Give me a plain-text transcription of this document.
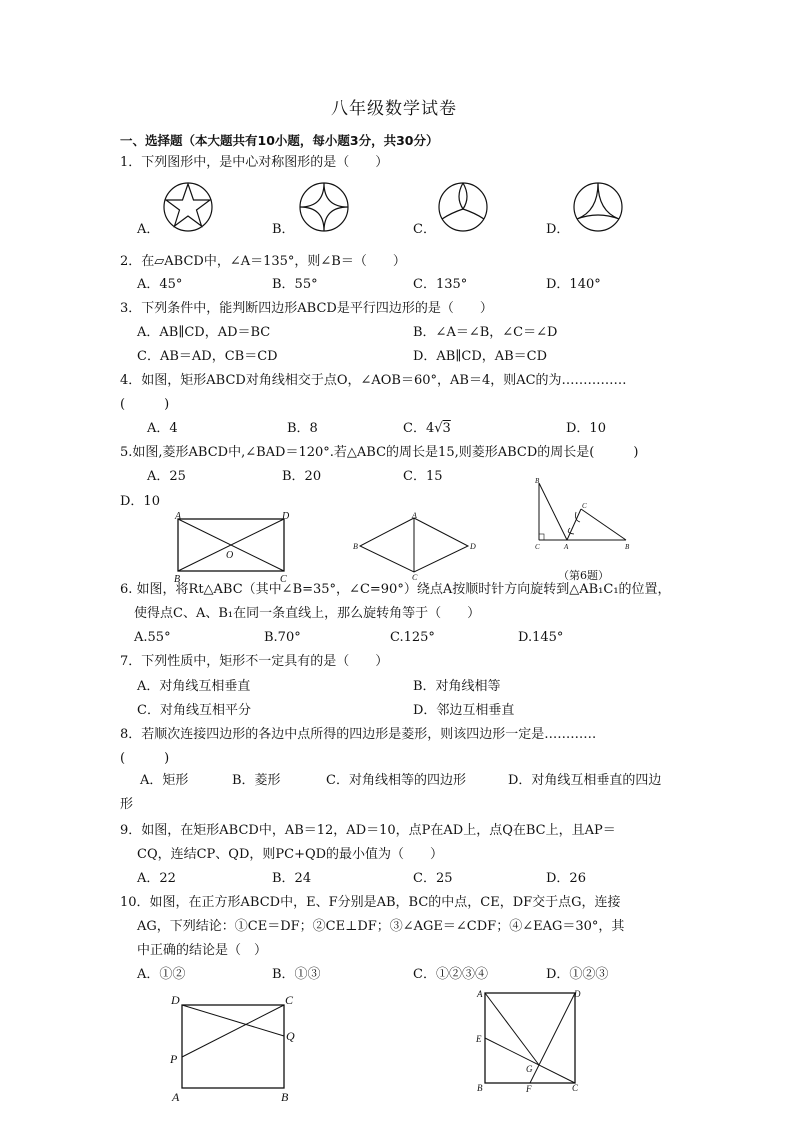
八年级数学试卷
一、选择题（本大题共有10小题，每小题3分，共30分）
1．下列图形中，是中心对称图形的是（　　）
A．	B．	C．	D．
2．在▱ABCD中，∠A＝135°，则∠B＝（　　）
A．45°	B．55°	C．135°	D．140°
3．下列条件中，能判断四边形ABCD是平行四边形的是（　　）
A．AB∥CD，AD＝BC	B．∠A＝∠B，∠C＝∠D
C．AB＝AD，CB＝CD	D．AB∥CD，AB＝CD
4．如图，矩形ABCD对角线相交于点O，∠AOB＝60°，AB＝4，则AC的为……………
(　　　)
A．4	B．8	C．4√3	D．10
5.如图,菱形ABCD中,∠BAD＝120°.若△ABC的周长是15,则菱形ABCD的周长是(　　　)
A．25	B．20	C．15
D．10
A	D
O
B	C
A
B
C
D
B
C	A
C
B
（第6题）
6. 如图，将Rt△ABC（其中∠B=35°，∠C=90°）绕点A按顺时针方向旋转到△AB₁C₁的位置，
使得点C、A、B₁在同一条直线上，那么旋转角等于（　　）
A.55°	B.70°	C.125°	D.145°
7．下列性质中，矩形不一定具有的是（　　）
A．对角线互相垂直	B．对角线相等
C．对角线互相平分	D．邻边互相垂直
8．若顺次连接四边形的各边中点所得的四边形是菱形，则该四边形一定是…………
(　　　)
A．矩形	B．菱形	C．对角线相等的四边形	D．对角线互相垂直的四边
形
9．如图，在矩形ABCD中，AB＝12，AD＝10，点P在AD上，点Q在BC上，且AP＝
CQ，连结CP、QD，则PC+QD的最小值为（　　）
A．22	B．24	C．25	D．26
10．如图，在正方形ABCD中，E、F分别是AB，BC的中点，CE，DF交于点G，连接
AG，下列结论：①CE＝DF；②CE⊥DF；③∠AGE＝∠CDF；④∠EAG＝30°，其
中正确的结论是（　）
A．①②	B．①③	C．①②③④	D．①②③
D	C
Q
P
A	B
A	D
E
G
B	F	C
